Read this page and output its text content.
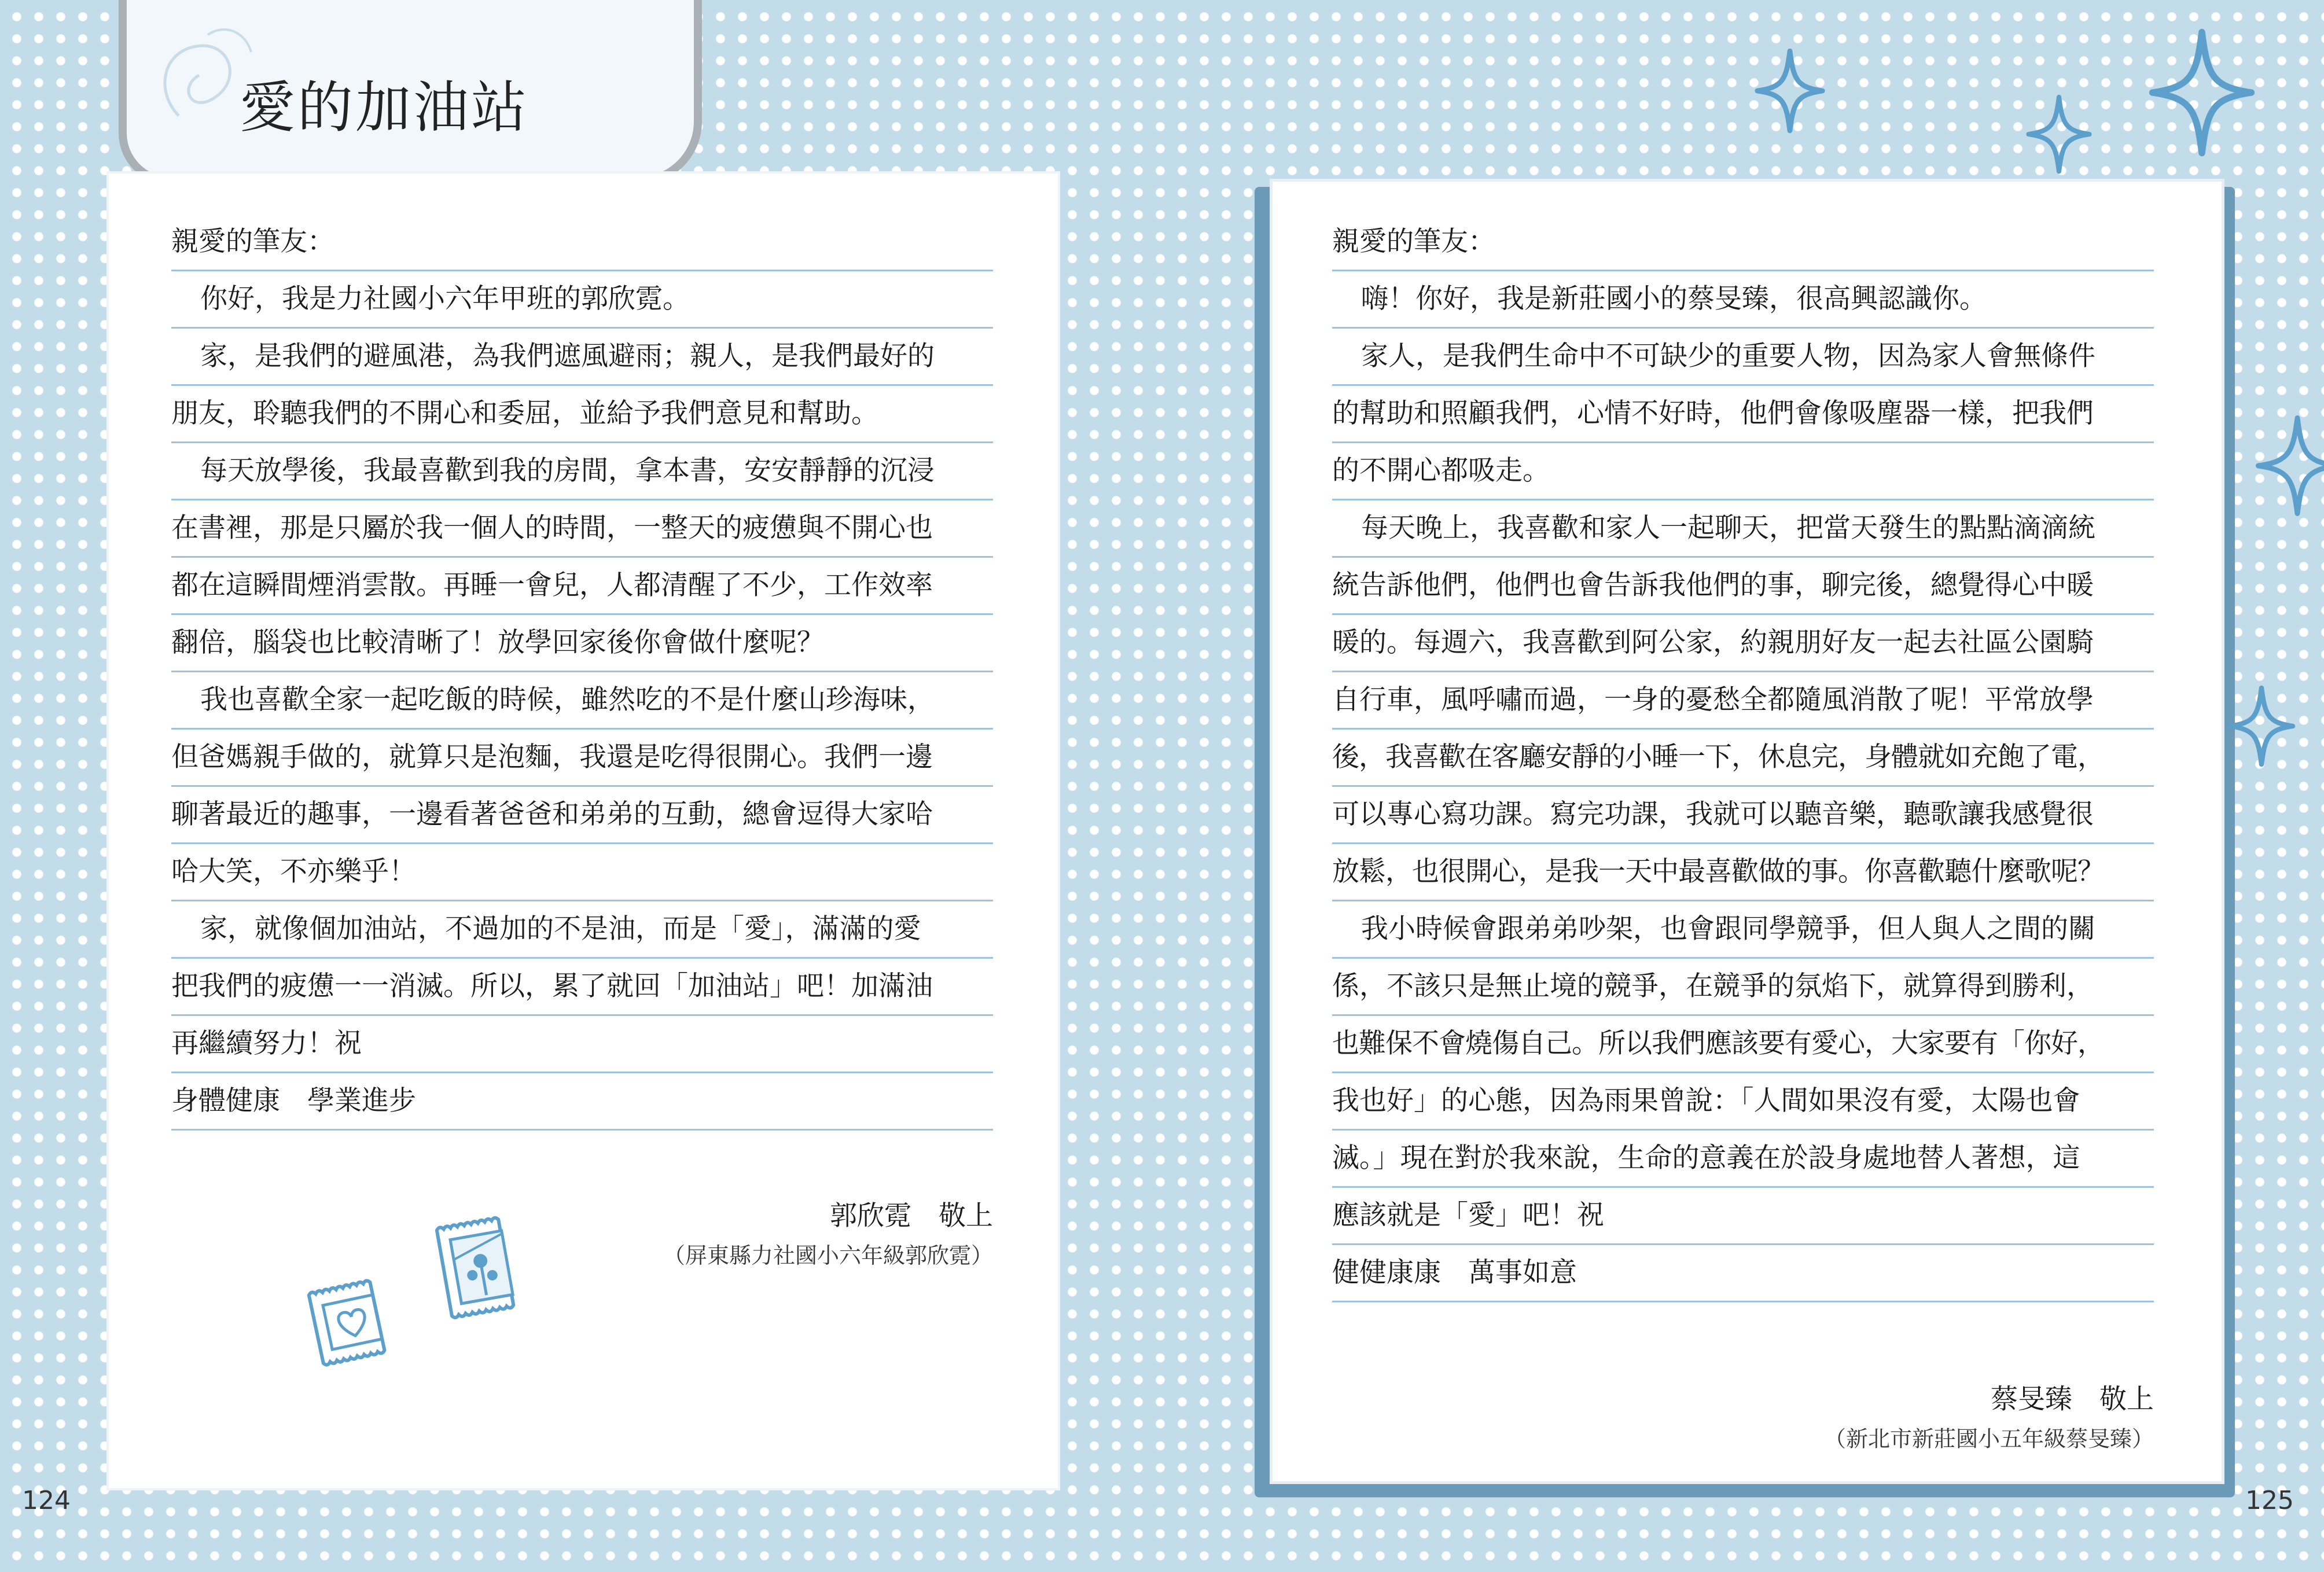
愛的加油站
親愛的筆友：
你好，我是力社國小六年甲班的郭欣霓。
家，是我們的避風港，為我們遮風避雨；親人，是我們最好的
朋友，聆聽我們的不開心和委屈，並給予我們意見和幫助。
每天放學後，我最喜歡到我的房間，拿本書，安安靜靜的沉浸
在書裡，那是只屬於我一個人的時間，一整天的疲憊與不開心也
都在這瞬間煙消雲散。再睡一會兒，人都清醒了不少，工作效率
翻倍，腦袋也比較清晰了！放學回家後你會做什麼呢？
我也喜歡全家一起吃飯的時候，雖然吃的不是什麼山珍海味，
但爸媽親手做的，就算只是泡麵，我還是吃得很開心。我們一邊
聊著最近的趣事，一邊看著爸爸和弟弟的互動，總會逗得大家哈
哈大笑，不亦樂乎！
家，就像個加油站，不過加的不是油，而是「愛」，滿滿的愛
把我們的疲憊一一消滅。所以，累了就回「加油站」吧！加滿油
再繼續努力！祝
身體健康　學業進步
郭欣霓　敬上
（屏東縣力社國小六年級郭欣霓）
親愛的筆友：
嗨！你好，我是新莊國小的蔡旻臻，很高興認識你。
家人，是我們生命中不可缺少的重要人物，因為家人會無條件
的幫助和照顧我們，心情不好時，他們會像吸塵器一樣，把我們
的不開心都吸走。
每天晚上，我喜歡和家人一起聊天，把當天發生的點點滴滴統
統告訴他們，他們也會告訴我他們的事，聊完後，總覺得心中暖
暖的。每週六，我喜歡到阿公家，約親朋好友一起去社區公園騎
自行車，風呼嘯而過，一身的憂愁全都隨風消散了呢！平常放學
後，我喜歡在客廳安靜的小睡一下，休息完，身體就如充飽了電，
可以專心寫功課。寫完功課，我就可以聽音樂，聽歌讓我感覺很
放鬆，也很開心，是我一天中最喜歡做的事。你喜歡聽什麼歌呢？
我小時候會跟弟弟吵架，也會跟同學競爭，但人與人之間的關
係，不該只是無止境的競爭，在競爭的氛焰下，就算得到勝利，
也難保不會燒傷自己。所以我們應該要有愛心，大家要有「你好，
我也好」的心態，因為雨果曾說：「人間如果沒有愛，太陽也會
滅。」現在對於我來說，生命的意義在於設身處地替人著想，這
應該就是「愛」吧！祝
健健康康　萬事如意
蔡旻臻　敬上
（新北市新莊國小五年級蔡旻臻）
124	125
